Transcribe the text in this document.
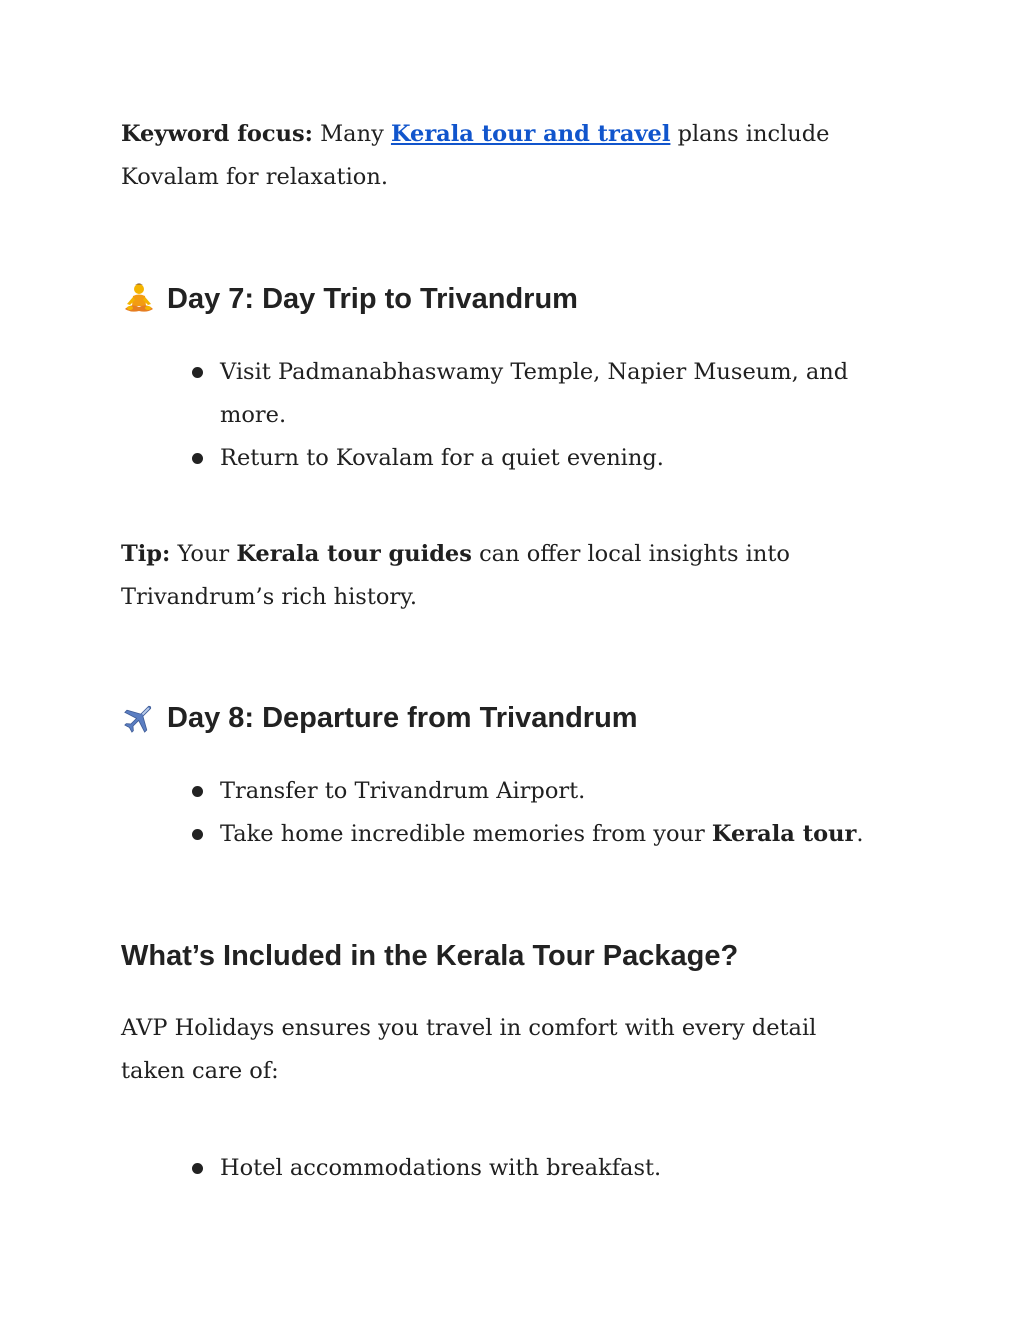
Keyword focus: Many Kerala tour and travel plans include Kovalam for relaxation.

Day 7: Day Trip to Trivandrum
Visit Padmanabhaswamy Temple, Napier Museum, and more.
Return to Kovalam for a quiet evening.

Tip: Your Kerala tour guides can offer local insights into Trivandrum’s rich history.

Day 8: Departure from Trivandrum
Transfer to Trivandrum Airport.
Take home incredible memories from your Kerala tour.
What’s Included in the Kerala Tour Package?

AVP Holidays ensures you travel in comfort with every detail taken care of:

Hotel accommodations with breakfast.
